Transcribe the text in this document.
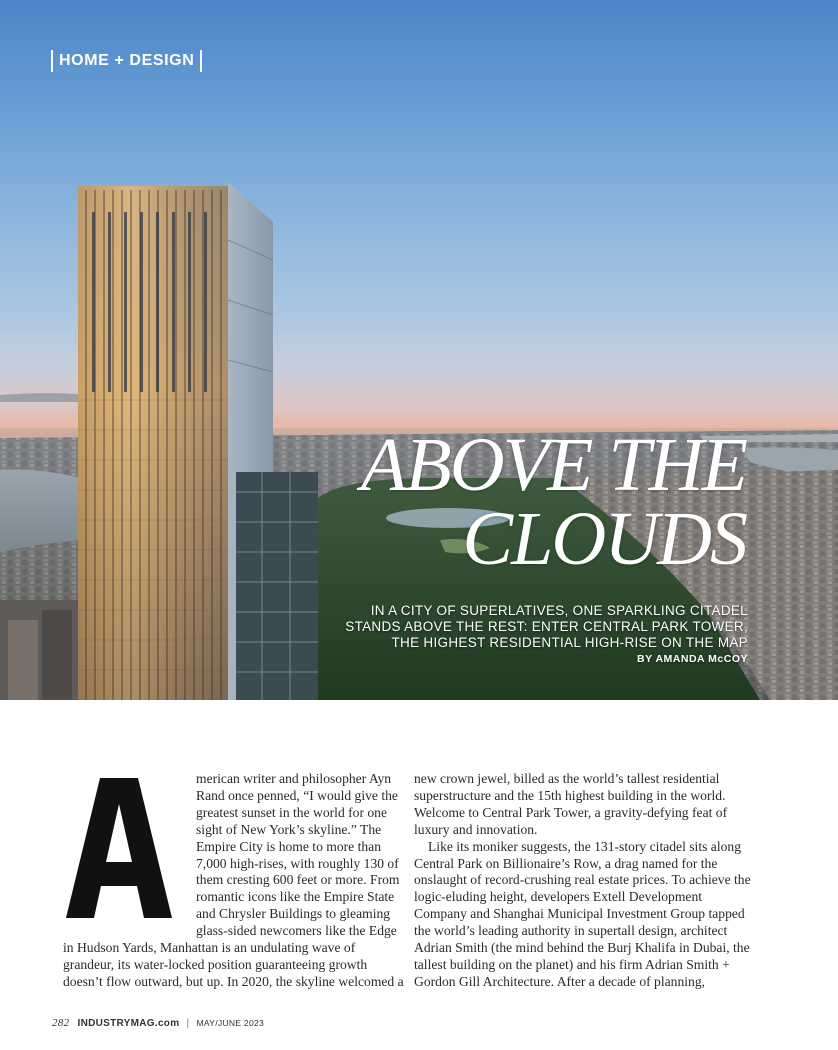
HOME + DESIGN
ABOVE THE
CLOUDS
IN A CITY OF SUPERLATIVES, ONE SPARKLING CITADEL
STANDS ABOVE THE REST: ENTER CENTRAL PARK TOWER,
THE HIGHEST RESIDENTIAL HIGH-RISE ON THE MAP
BY AMANDA McCOY
merican writer and philosopher Ayn
Rand once penned, “I would give the
greatest sunset in the world for one
sight of New York’s skyline.” The
Empire City is home to more than
7,000 high-rises, with roughly 130 of
them cresting 600 feet or more. From
romantic icons like the Empire State
and Chrysler Buildings to gleaming
glass-sided newcomers like the Edge
in Hudson Yards, Manhattan is an undulating wave of
grandeur, its water-locked position guaranteeing growth
doesn’t flow outward, but up. In 2020, the skyline welcomed a
new crown jewel, billed as the world’s tallest residential
superstructure and the 15th highest building in the world.
Welcome to Central Park Tower, a gravity-defying feat of
luxury and innovation.
Like its moniker suggests, the 131-story citadel sits along
Central Park on Billionaire’s Row, a drag named for the
onslaught of record-crushing real estate prices. To achieve the
logic-eluding height, developers Extell Development
Company and Shanghai Municipal Investment Group tapped
the world’s leading authority in supertall design, architect
Adrian Smith (the mind behind the Burj Khalifa in Dubai, the
tallest building on the planet) and his firm Adrian Smith +
Gordon Gill Architecture. After a decade of planning,
282 INDUSTRYMAG.com | MAY/JUNE 2023
